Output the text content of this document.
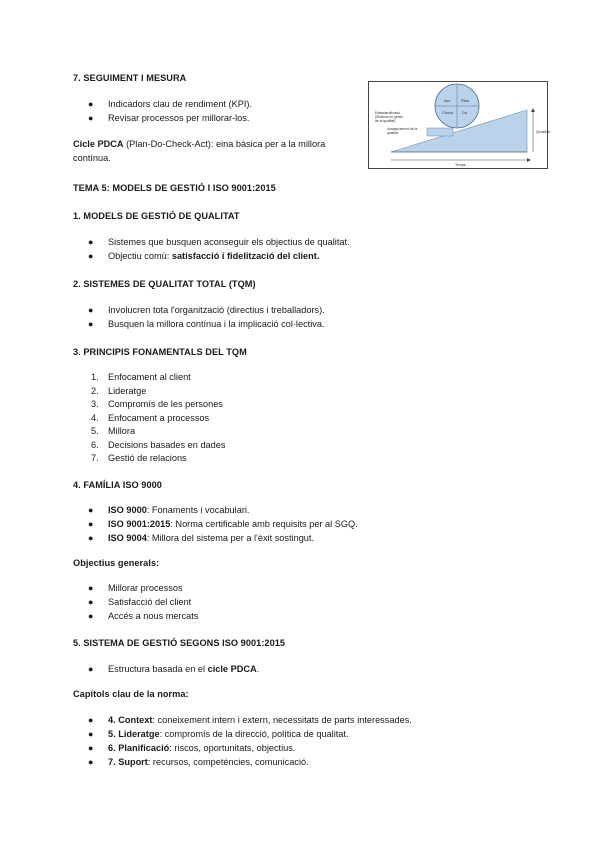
7. SEGUIMENT I MESURA
● Indicadors clau de rendiment (KPI).
● Revisar processos per millorar-los.
Cicle PDCA (Plan-Do-Check-Act): eina bàsica per a la millora
contínua.
Act	Plan
Check Do
Estandardització
(Sistema de gestió
de la qualitat)
Assegurament de la
qualitat	Qualitat
Temps
TEMA 5: MODELS DE GESTIÓ I ISO 9001:2015
1. MODELS DE GESTIÓ DE QUALITAT
● Sistemes que busquen aconseguir els objectius de qualitat.
● Objectiu comú: satisfacció i fidelització del client.
2. SISTEMES DE QUALITAT TOTAL (TQM)
● Involucren tota l'organització (directius i treballadors).
● Busquen la millora contínua i la implicació col·lectiva.
3. PRINCIPIS FONAMENTALS DEL TQM
1. Enfocament al client
2. Lideratge
3. Compromís de les persones
4. Enfocament a processos
5. Millora
6. Decisions basades en dades
7. Gestió de relacions
4. FAMÍLIA ISO 9000
● ISO 9000: Fonaments i vocabulari.
● ISO 9001:2015: Norma certificable amb requisits per al SGQ.
● ISO 9004: Millora del sistema per a l'èxit sostingut.
Objectius generals:
● Millorar processos
● Satisfacció del client
● Accés a nous mercats
5. SISTEMA DE GESTIÓ SEGONS ISO 9001:2015
● Estructura basada en el cicle PDCA.
Capítols clau de la norma:
● 4. Context: coneixement intern i extern, necessitats de parts interessades.
● 5. Lideratge: compromís de la direcció, política de qualitat.
● 6. Planificació: riscos, oportunitats, objectius.
● 7. Suport: recursos, competències, comunicació.
